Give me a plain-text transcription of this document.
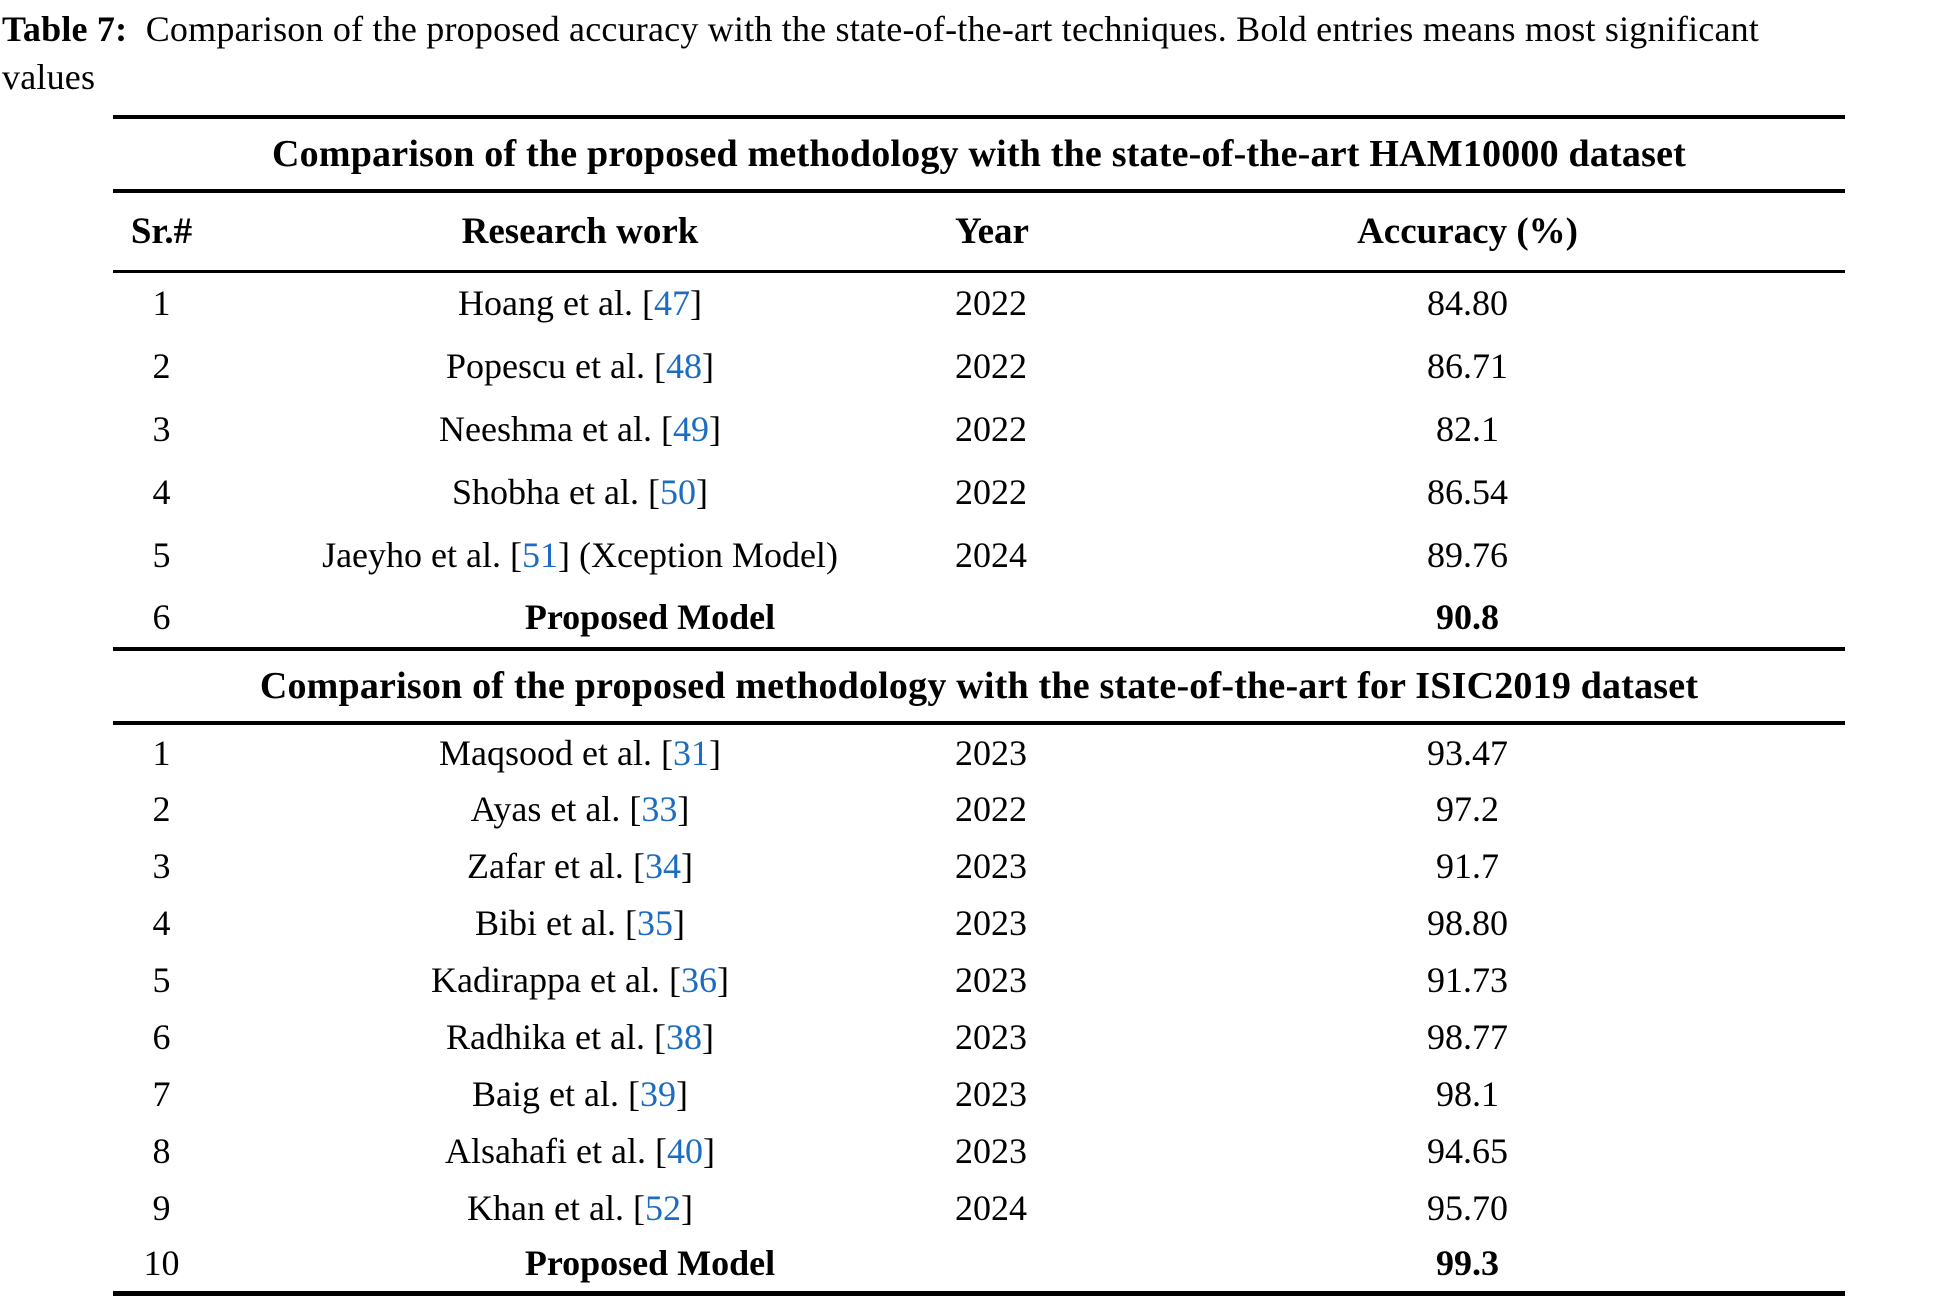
Table 7: Comparison of the proposed accuracy with the state-of-the-art techniques. Bold entries means most significant
values
Comparison of the proposed methodology with the state-of-the-art HAM10000 dataset			
Sr.#	Research work	Year	Accuracy (%)
1	Hoang et al. [47]	2022	84.80
2	Popescu et al. [48]	2022	86.71
3	Neeshma et al. [49]	2022	82.1
4	Shobha et al. [50]	2022	86.54
5	Jaeyho et al. [51] (Xception Model)	2024	89.76
6	Proposed Model		90.8
Comparison of the proposed methodology with the state-of-the-art for ISIC2019 dataset			
1	Maqsood et al. [31]	2023	93.47
2	Ayas et al. [33]	2022	97.2
3	Zafar et al. [34]	2023	91.7
4	Bibi et al. [35]	2023	98.80
5	Kadirappa et al. [36]	2023	91.73
6	Radhika et al. [38]	2023	98.77
7	Baig et al. [39]	2023	98.1
8	Alsahafi et al. [40]	2023	94.65
9	Khan et al. [52]	2024	95.70
10	Proposed Model		99.3
